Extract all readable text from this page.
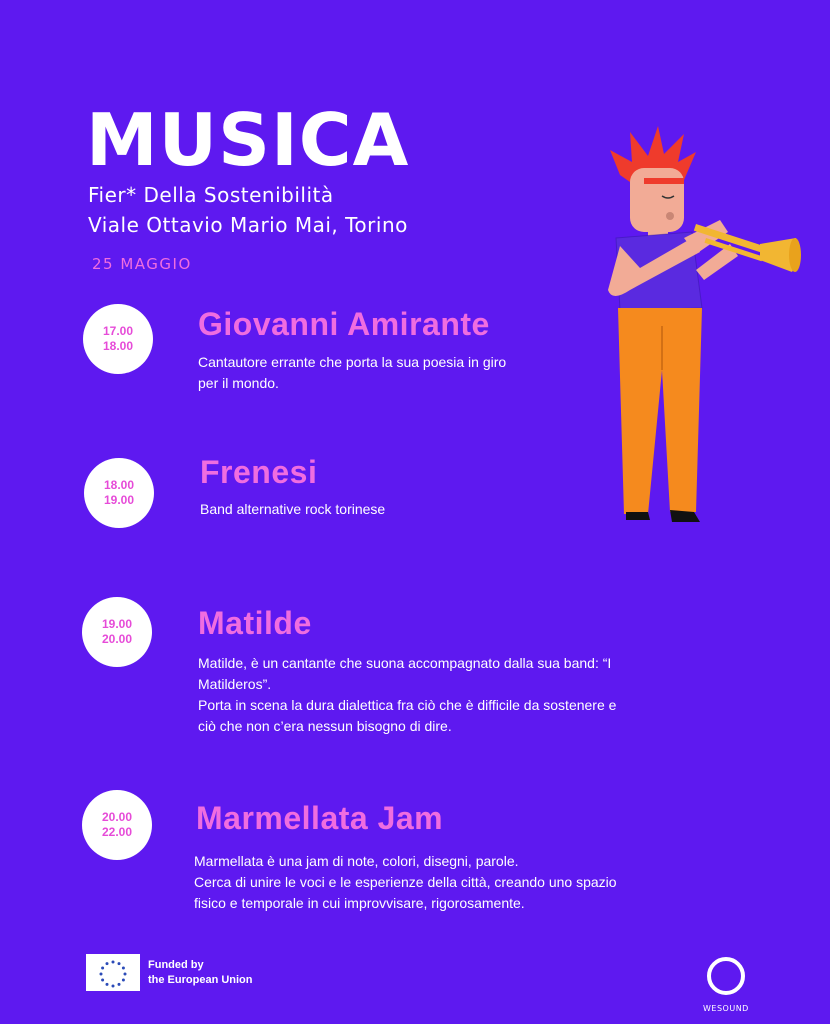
MUSICA
Fier* Della Sostenibilità
Viale Ottavio Mario Mai, Torino
25 MAGGIO
17.00
18.00
Giovanni Amirante

Cantautore errante che porta la sua poesia in giro

per il mondo.

18.00
19.00
Frenesi

Band alternative rock torinese

19.00
20.00 Matilde

Matilde, è un cantante che suona accompagnato dalla sua band: “I

Matilderos”.

Porta in scena la dura dialettica fra ciò che è difficile da sostenere e

ciò che non c’era nessun bisogno di dire.

20.00
22.00 Marmellata Jam

Marmellata è una jam di note, colori, disegni, parole.

Cerca di unire le voci e le esperienze della città, creando uno spazio

fisico e temporale in cui improvvisare, rigorosamente.

Funded by
the European Union
WESOUND
